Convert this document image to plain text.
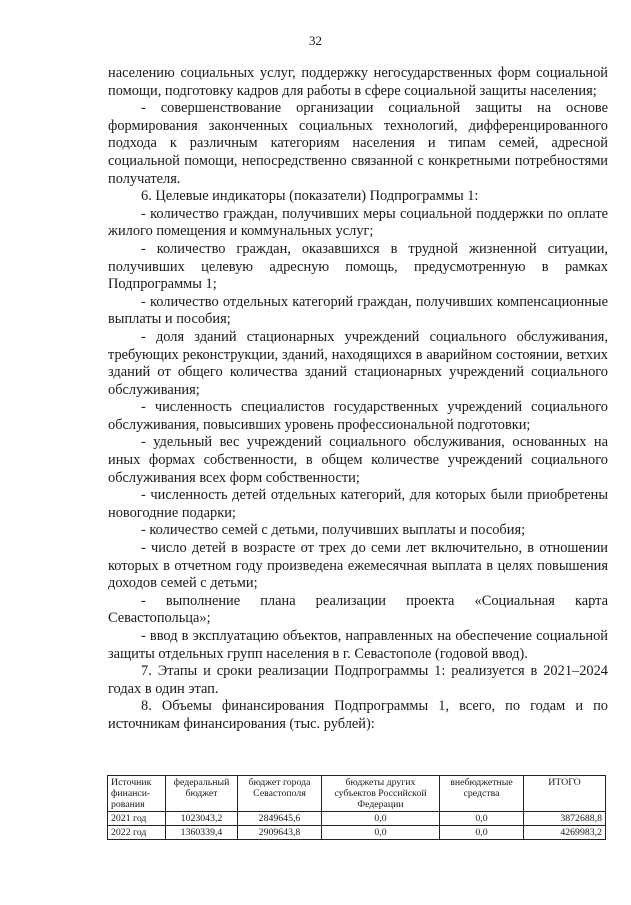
32

населению социальных услуг, поддержку негосударственных форм социальной помощи, подготовку кадров для работы в сфере социальной защиты населения;

- совершенствование организации социальной защиты на основе формирования законченных социальных технологий, дифференцированного подхода к различным категориям населения и типам семей, адресной социальной помощи, непосредственно связанной с конкретными потребностями получателя.

6. Целевые индикаторы (показатели) Подпрограммы 1:

- количество граждан, получивших меры социальной поддержки по оплате жилого помещения и коммунальных услуг;

- количество граждан, оказавшихся в трудной жизненной ситуации, получивших целевую адресную помощь, предусмотренную в рамках Подпрограммы 1;

- количество отдельных категорий граждан, получивших компенсационные выплаты и пособия;

- доля зданий стационарных учреждений социального обслуживания, требующих реконструкции, зданий, находящихся в аварийном состоянии, ветхих зданий от общего количества зданий стационарных учреждений социального обслуживания;

- численность специалистов государственных учреждений социального обслуживания, повысивших уровень профессиональной подготовки;

- удельный вес учреждений социального обслуживания, основанных на иных формах собственности, в общем количестве учреждений социального обслуживания всех форм собственности;

- численность детей отдельных категорий, для которых были приобретены новогодние подарки;

- количество семей с детьми, получивших выплаты и пособия;

- число детей в возрасте от трех до семи лет включительно, в отношении которых в отчетном году произведена ежемесячная выплата в целях повышения доходов семей с детьми;

- выполнение плана реализации проекта «Социальная карта Севастопольца»;

- ввод в эксплуатацию объектов, направленных на обеспечение социальной защиты отдельных групп населения в г. Севастополе (годовой ввод).

7. Этапы и сроки реализации Подпрограммы 1: реализуется в 2021–2024 годах в один этап.

8. Объемы финансирования Подпрограммы 1, всего, по годам и по источникам финансирования (тыс. рублей):

Источник финанси-рования	федеральный бюджет	бюджет города Севастополя	бюджеты других субъектов Российской Федерации	внебюджетные средства	ИТОГО
2021 год	1023043,2	2849645,6	0,0	0,0	3872688,8
2022 год	1360339,4	2909643,8	0,0	0,0	4269983,2
